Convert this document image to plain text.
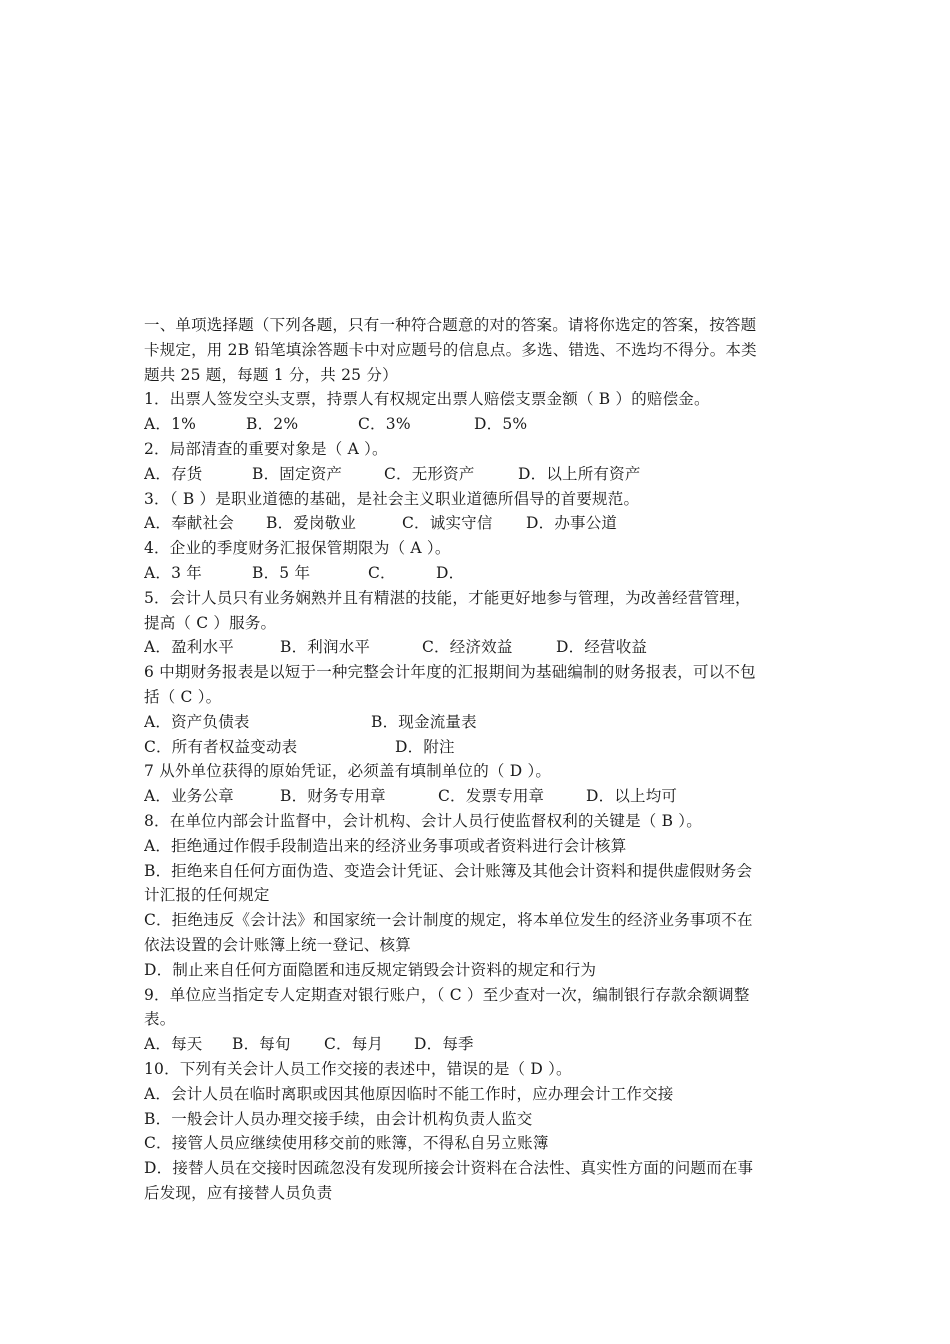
一、单项选择题（下列各题，只有一种符合题意的对的答案。请将你选定的答案，按答题
卡规定，用 2B 铅笔填涂答题卡中对应题号的信息点。多选、错选、不选均不得分。本类
题共 25 题，每题 1 分，共 25 分）
1．出票人签发空头支票，持票人有权规定出票人赔偿支票金额（ B ）的赔偿金。
A．1%	B．2%	C．3%	D．5%
2．局部清查的重要对象是（ A ）。
A．存货	B．固定资产	C．无形资产	D．以上所有资产
3．（ B ）是职业道德的基础，是社会主义职业道德所倡导的首要规范。
A．奉献社会 B．爱岗敬业	C．诚实守信 D．办事公道
4．企业的季度财务汇报保管期限为（ A ）。
A．3 年	B．5 年	C．	D．
5．会计人员只有业务娴熟并且有精湛的技能，才能更好地参与管理，为改善经营管理，
提高（ C ）服务。
A．盈利水平	B．利润水平	C．经济效益	D．经营收益
6 中期财务报表是以短于一种完整会计年度的汇报期间为基础编制的财务报表，可以不包
括（ C ）。
A．资产负债表	B．现金流量表
C．所有者权益变动表	D．附注
7 从外单位获得的原始凭证，必须盖有填制单位的（ D ）。
A．业务公章	B．财务专用章	C．发票专用章	D．以上均可
8．在单位内部会计监督中，会计机构、会计人员行使监督权利的关键是（ B ）。
A．拒绝通过作假手段制造出来的经济业务事项或者资料进行会计核算
B．拒绝来自任何方面伪造、变造会计凭证、会计账簿及其他会计资料和提供虚假财务会
计汇报的任何规定
C．拒绝违反《会计法》和国家统一会计制度的规定，将本单位发生的经济业务事项不在
依法设置的会计账簿上统一登记、核算
D．制止来自任何方面隐匿和违反规定销毁会计资料的规定和行为
9．单位应当指定专人定期查对银行账户，（ C ）至少查对一次，编制银行存款余额调整
表。
A．每天 B．每旬 C．每月 D．每季
10．下列有关会计人员工作交接的表述中，错误的是（ D ）。
A．会计人员在临时离职或因其他原因临时不能工作时，应办理会计工作交接
B．一般会计人员办理交接手续，由会计机构负责人监交
C．接管人员应继续使用移交前的账簿，不得私自另立账簿
D．接替人员在交接时因疏忽没有发现所接会计资料在合法性、真实性方面的问题而在事
后发现，应有接替人员负责
